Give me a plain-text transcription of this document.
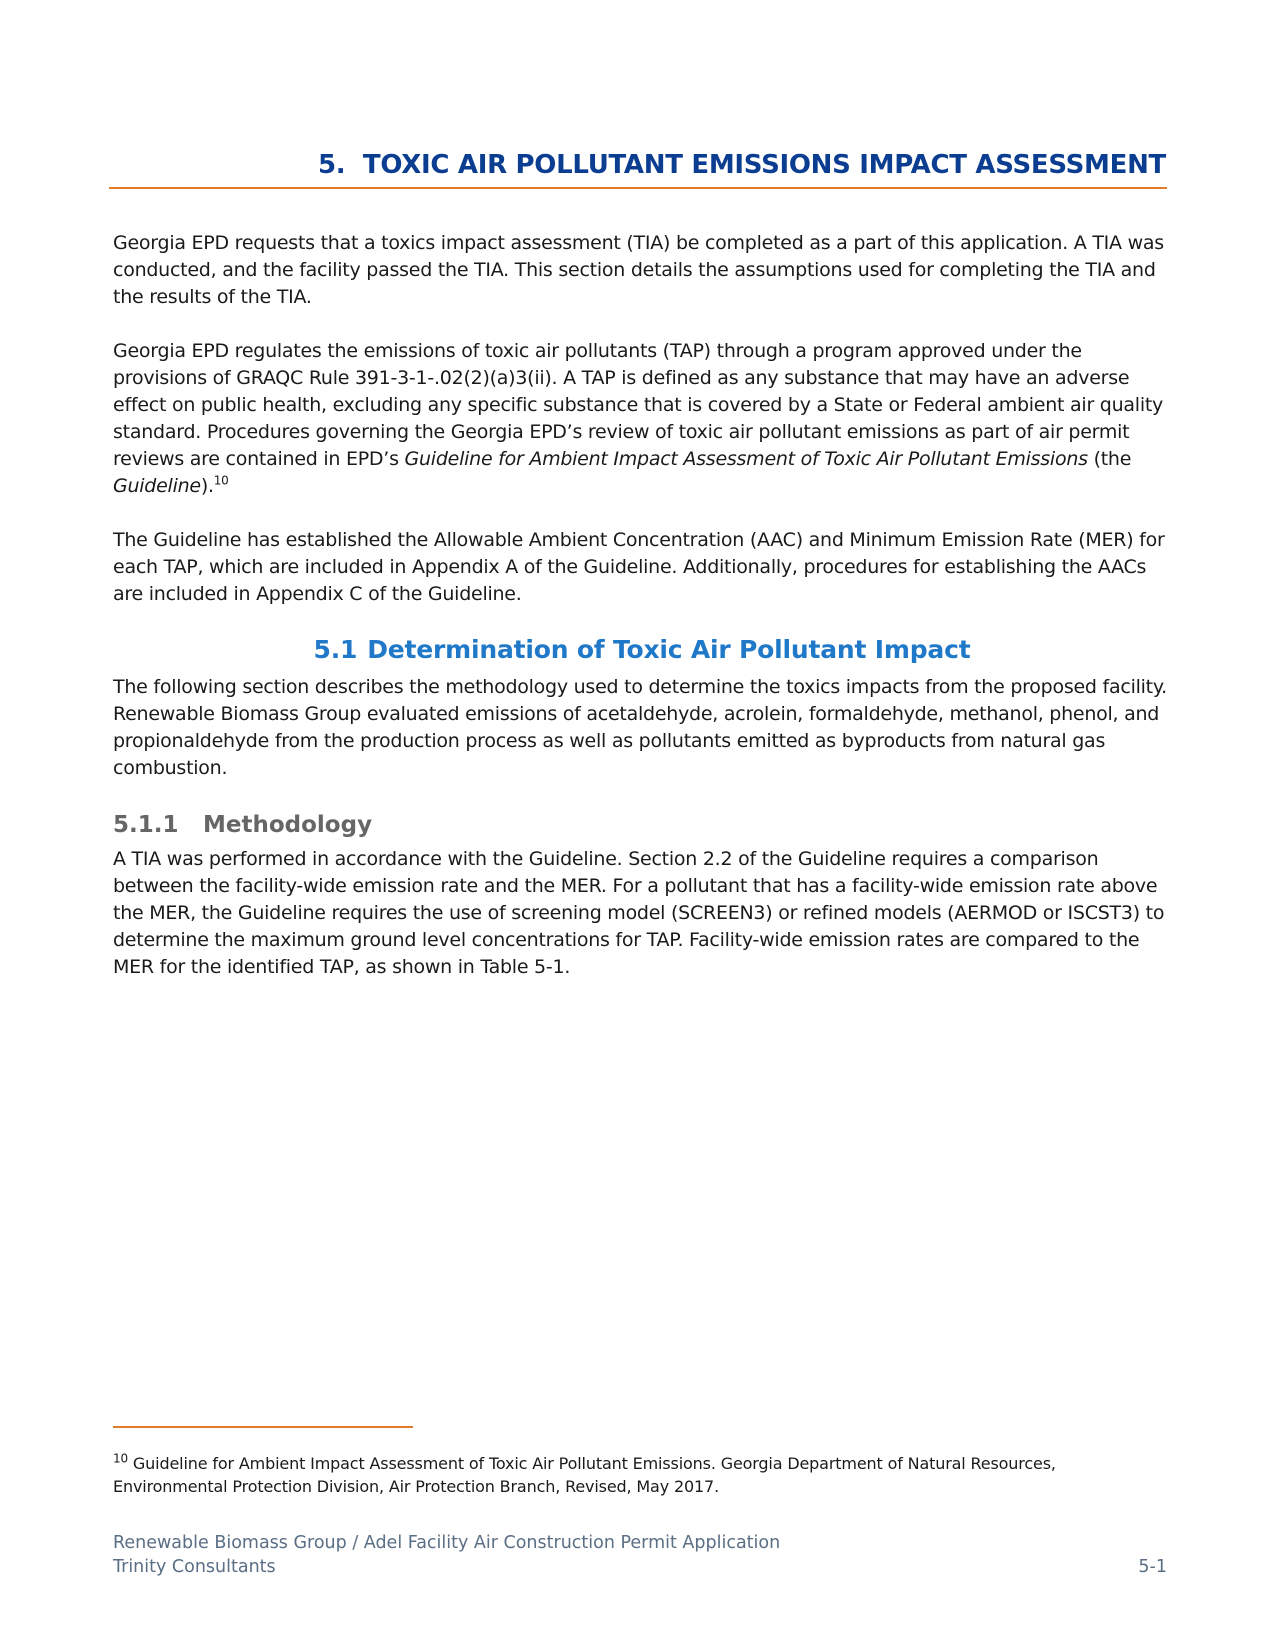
5. TOXIC AIR POLLUTANT EMISSIONS IMPACT ASSESSMENT

Georgia EPD requests that a toxics impact assessment (TIA) be completed as a part of this application. A TIA was conducted, and the facility passed the TIA. This section details the assumptions used for completing the TIA and the results of the TIA.

Georgia EPD regulates the emissions of toxic air pollutants (TAP) through a program approved under the provisions of GRAQC Rule 391-3-1-.02(2)(a)3(ii). A TAP is defined as any substance that may have an adverse effect on public health, excluding any specific substance that is covered by a State or Federal ambient air quality standard. Procedures governing the Georgia EPD’s review of toxic air pollutant emissions as part of air permit reviews are contained in EPD’s Guideline for Ambient Impact Assessment of Toxic Air Pollutant Emissions (the Guideline).$^{10}$

The Guideline has established the Allowable Ambient Concentration (AAC) and Minimum Emission Rate (MER) for each TAP, which are included in Appendix A of the Guideline. Additionally, procedures for establishing the AACs are included in Appendix C of the Guideline.

5.1 Determination of Toxic Air Pollutant Impact

The following section describes the methodology used to determine the toxics impacts from the proposed facility. Renewable Biomass Group evaluated emissions of acetaldehyde, acrolein, formaldehyde, methanol, phenol, and propionaldehyde from the production process as well as pollutants emitted as byproducts from natural gas combustion.

5.1.1 Methodology

A TIA was performed in accordance with the Guideline. Section 2.2 of the Guideline requires a comparison between the facility-wide emission rate and the MER. For a pollutant that has a facility-wide emission rate above the MER, the Guideline requires the use of screening model (SCREEN3) or refined models (AERMOD or ISCST3) to determine the maximum ground level concentrations for TAP. Facility-wide emission rates are compared to the MER for the identified TAP, as shown in Table 5-1.

$^{10}$ Guideline for Ambient Impact Assessment of Toxic Air Pollutant Emissions. Georgia Department of Natural Resources, Environmental Protection Division, Air Protection Branch, Revised, May 2017.

Renewable Biomass Group / Adel Facility Air Construction Permit Application
Trinity Consultants	5-1
